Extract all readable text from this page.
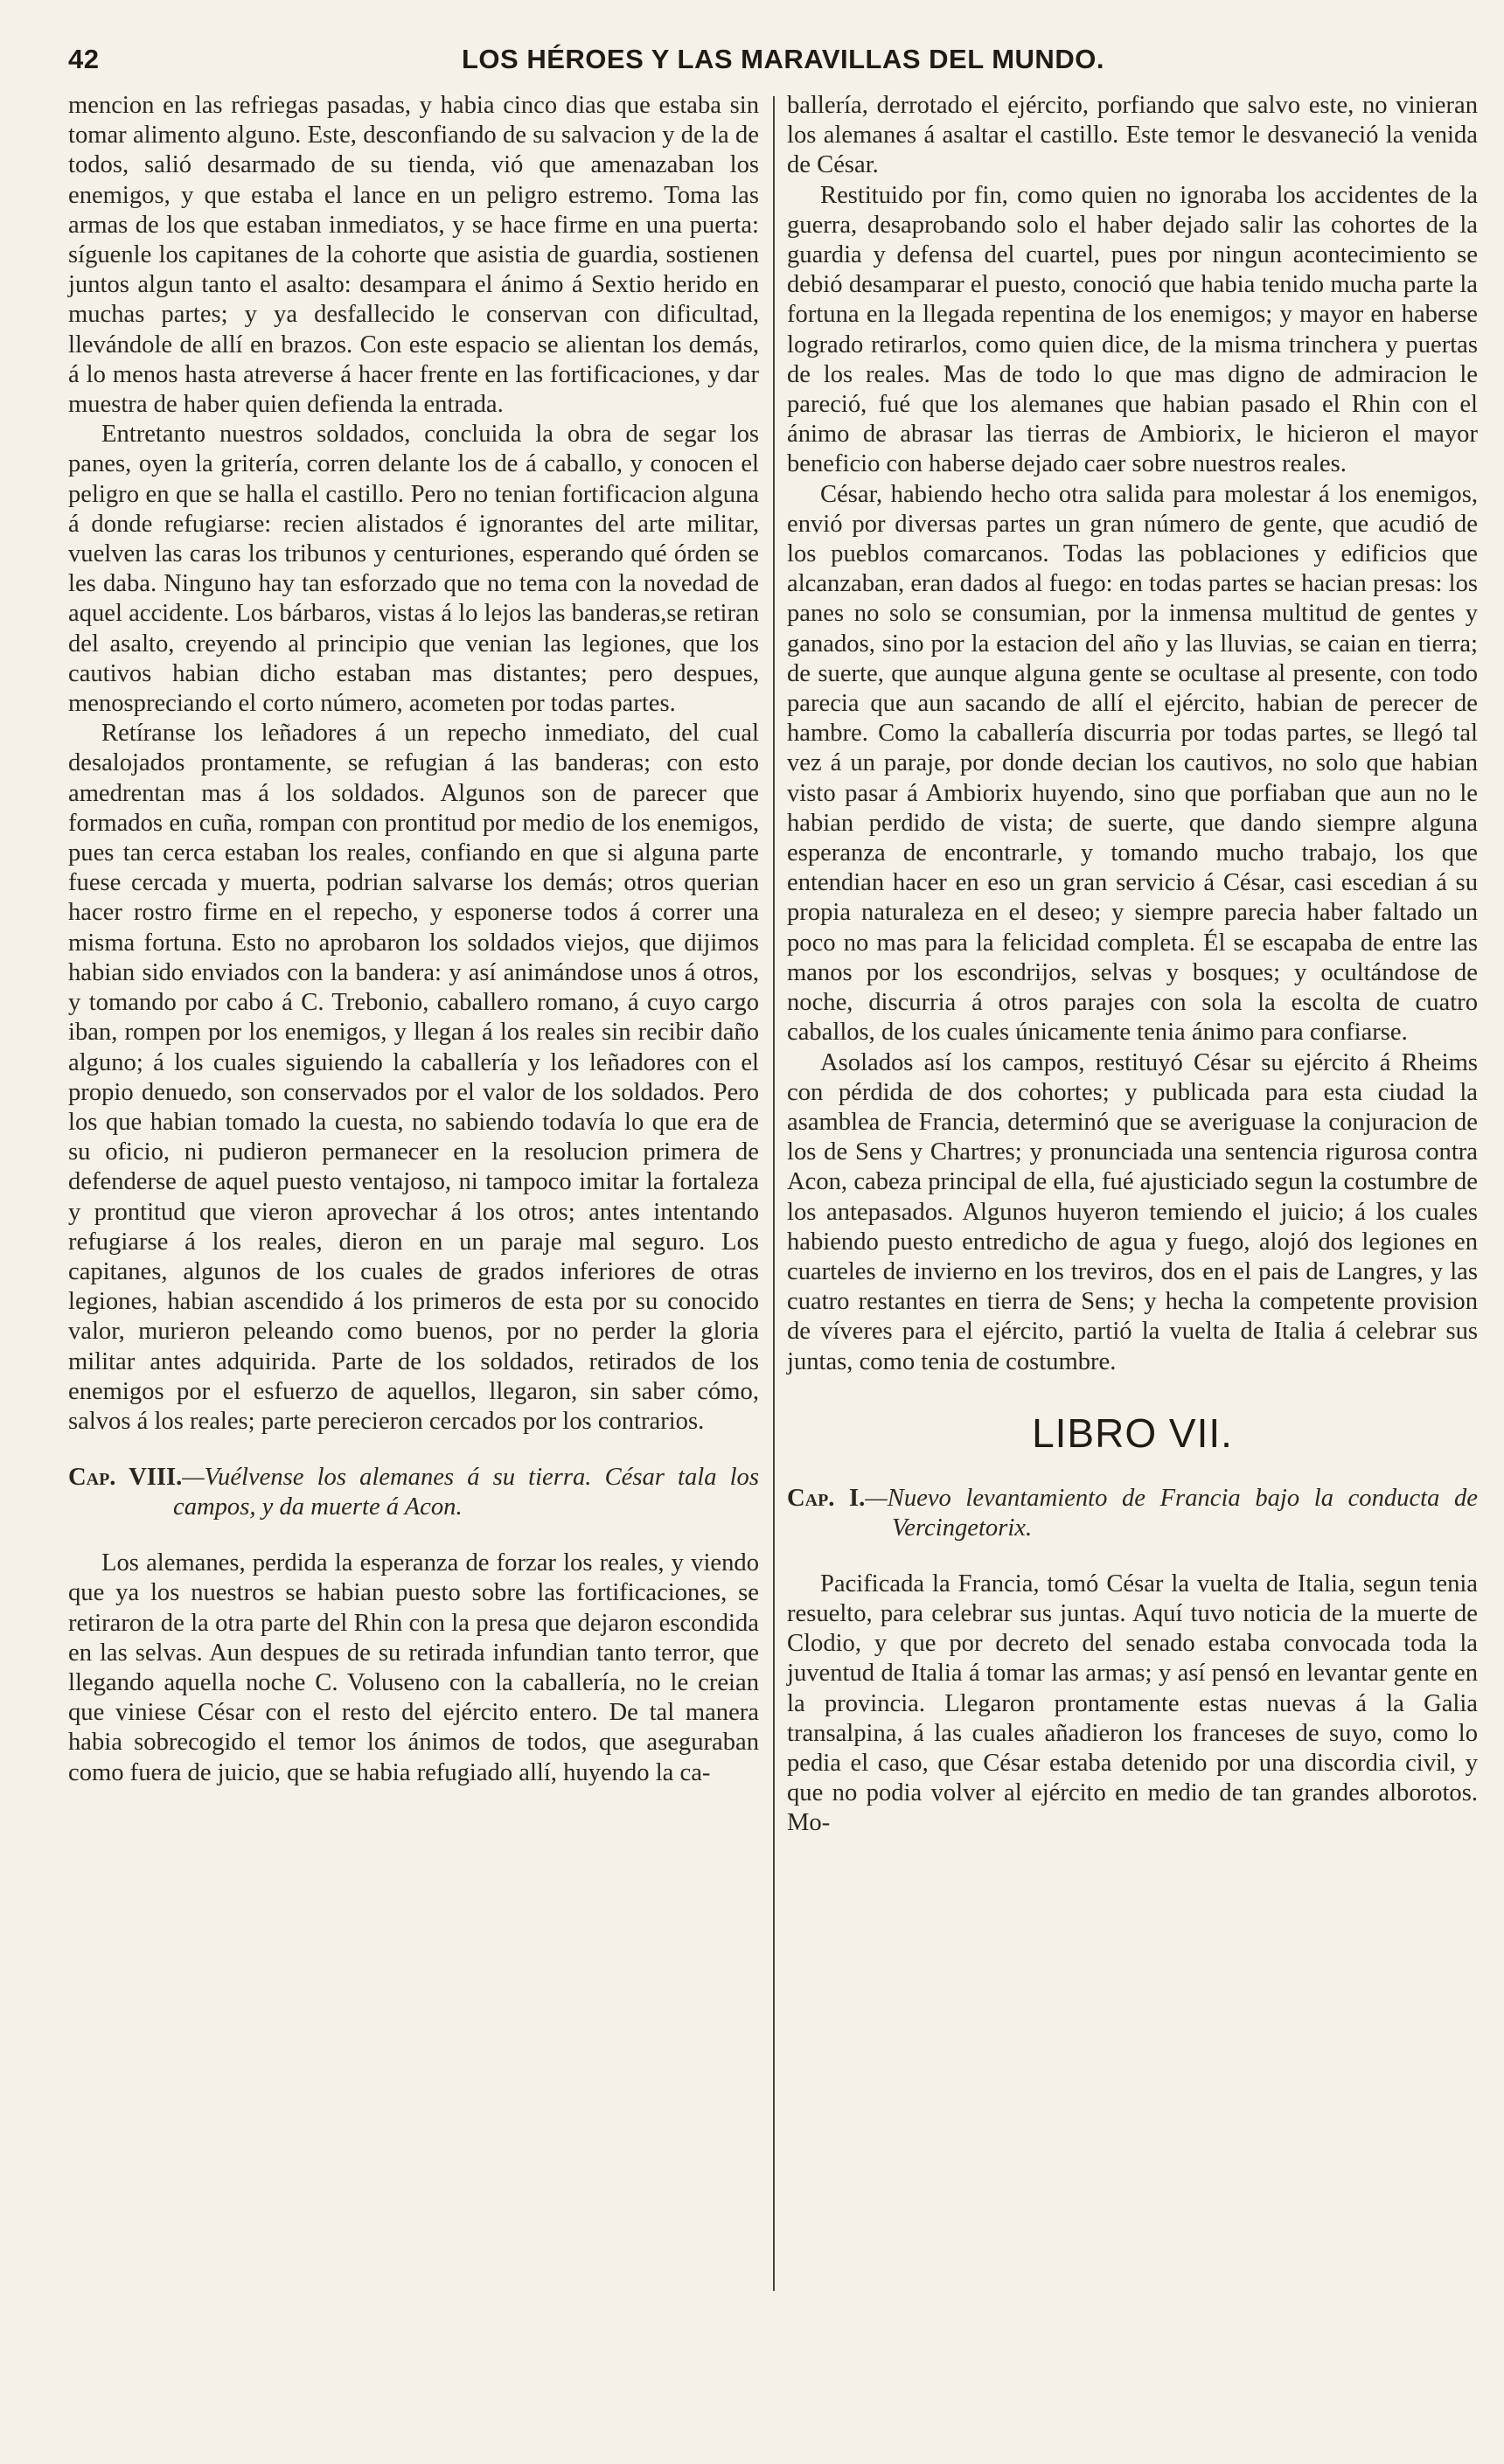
42	LOS HÉROES Y LAS MARAVILLAS DEL MUNDO.

mencion en las refriegas pasadas, y habia cinco dias que estaba sin tomar alimento alguno. Este, desconfiando de su salvacion y de la de todos, salió desarmado de su tienda, vió que amenazaban los enemigos, y que estaba el lance en un peligro estremo. Toma las armas de los que estaban inmediatos, y se hace firme en una puerta: síguenle los capitanes de la cohorte que asistia de guardia, sostienen juntos algun tanto el asalto: desampara el ánimo á Sextio herido en muchas partes; y ya desfallecido le conservan con dificultad, llevándole de allí en brazos. Con este espacio se alientan los demás, á lo menos hasta atreverse á hacer frente en las fortificaciones, y dar muestra de haber quien defienda la entrada.

Entretanto nuestros soldados, concluida la obra de segar los panes, oyen la gritería, corren delante los de á caballo, y conocen el peligro en que se halla el castillo. Pero no tenian fortificacion alguna á donde refugiarse: recien alistados é ignorantes del arte militar, vuelven las caras los tribunos y centuriones, esperando qué órden se les daba. Ninguno hay tan esforzado que no tema con la novedad de aquel accidente. Los bárbaros, vistas á lo lejos las banderas,se retiran del asalto, creyendo al principio que venian las legiones, que los cautivos habian dicho estaban mas distantes; pero despues, menospreciando el corto número, acometen por todas partes.

Retíranse los leñadores á un repecho inmediato, del cual desalojados prontamente, se refugian á las banderas; con esto amedrentan mas á los soldados. Algunos son de parecer que formados en cuña, rompan con prontitud por medio de los enemigos, pues tan cerca estaban los reales, confiando en que si alguna parte fuese cercada y muerta, podrian salvarse los demás; otros querian hacer rostro firme en el repecho, y esponerse todos á correr una misma fortuna. Esto no aprobaron los soldados viejos, que dijimos habian sido enviados con la bandera: y así animándose unos á otros, y tomando por cabo á C. Trebonio, caballero romano, á cuyo cargo iban, rompen por los enemigos, y llegan á los reales sin recibir daño alguno; á los cuales siguiendo la caballería y los leñadores con el propio denuedo, son conservados por el valor de los soldados. Pero los que habian tomado la cuesta, no sabiendo todavía lo que era de su oficio, ni pudieron permanecer en la resolucion primera de defenderse de aquel puesto ventajoso, ni tampoco imitar la fortaleza y prontitud que vieron aprovechar á los otros; antes intentando refugiarse á los reales, dieron en un paraje mal seguro. Los capitanes, algunos de los cuales de grados inferiores de otras legiones, habian ascendido á los primeros de esta por su conocido valor, murieron peleando como buenos, por no perder la gloria militar antes adquirida. Parte de los soldados, retirados de los enemigos por el esfuerzo de aquellos, llegaron, sin saber cómo, salvos á los reales; parte perecieron cercados por los contrarios.

Cap. VIII.—Vuélvense los alemanes á su tierra. César tala los campos, y da muerte á Acon.

Los alemanes, perdida la esperanza de forzar los reales, y viendo que ya los nuestros se habian puesto sobre las fortificaciones, se retiraron de la otra parte del Rhin con la presa que dejaron escondida en las selvas. Aun despues de su retirada infundian tanto terror, que llegando aquella noche C. Voluseno con la caballería, no le creian que viniese César con el resto del ejército entero. De tal manera habia sobrecogido el temor los ánimos de todos, que aseguraban como fuera de juicio, que se habia refugiado allí, huyendo la ca-

ballería, derrotado el ejército, porfiando que salvo este, no vinieran los alemanes á asaltar el castillo. Este temor le desvaneció la venida de César.

Restituido por fin, como quien no ignoraba los accidentes de la guerra, desaprobando solo el haber dejado salir las cohortes de la guardia y defensa del cuartel, pues por ningun acontecimiento se debió desamparar el puesto, conoció que habia tenido mucha parte la fortuna en la llegada repentina de los enemigos; y mayor en haberse logrado retirarlos, como quien dice, de la misma trinchera y puertas de los reales. Mas de todo lo que mas digno de admiracion le pareció, fué que los alemanes que habian pasado el Rhin con el ánimo de abrasar las tierras de Ambiorix, le hicieron el mayor beneficio con haberse dejado caer sobre nuestros reales.

César, habiendo hecho otra salida para molestar á los enemigos, envió por diversas partes un gran número de gente, que acudió de los pueblos comarcanos. Todas las poblaciones y edificios que alcanzaban, eran dados al fuego: en todas partes se hacian presas: los panes no solo se consumian, por la inmensa multitud de gentes y ganados, sino por la estacion del año y las lluvias, se caian en tierra; de suerte, que aunque alguna gente se ocultase al presente, con todo parecia que aun sacando de allí el ejército, habian de perecer de hambre. Como la caballería discurria por todas partes, se llegó tal vez á un paraje, por donde decian los cautivos, no solo que habian visto pasar á Ambiorix huyendo, sino que porfiaban que aun no le habian perdido de vista; de suerte, que dando siempre alguna esperanza de encontrarle, y tomando mucho trabajo, los que entendian hacer en eso un gran servicio á César, casi escedian á su propia naturaleza en el deseo; y siempre parecia haber faltado un poco no mas para la felicidad completa. Él se escapaba de entre las manos por los escondrijos, selvas y bosques; y ocultándose de noche, discurria á otros parajes con sola la escolta de cuatro caballos, de los cuales únicamente tenia ánimo para confiarse.

Asolados así los campos, restituyó César su ejército á Rheims con pérdida de dos cohortes; y publicada para esta ciudad la asamblea de Francia, determinó que se averiguase la conjuracion de los de Sens y Chartres; y pronunciada una sentencia rigurosa contra Acon, cabeza principal de ella, fué ajusticiado segun la costumbre de los antepasados. Algunos huyeron temiendo el juicio; á los cuales habiendo puesto entredicho de agua y fuego, alojó dos legiones en cuarteles de invierno en los treviros, dos en el pais de Langres, y las cuatro restantes en tierra de Sens; y hecha la competente provision de víveres para el ejército, partió la vuelta de Italia á celebrar sus juntas, como tenia de costumbre.

LIBRO VII.
Cap. I.—Nuevo levantamiento de Francia bajo la conducta de Vercingetorix.

Pacificada la Francia, tomó César la vuelta de Italia, segun tenia resuelto, para celebrar sus juntas. Aquí tuvo noticia de la muerte de Clodio, y que por decreto del senado estaba convocada toda la juventud de Italia á tomar las armas; y así pensó en levantar gente en la provincia. Llegaron prontamente estas nuevas á la Galia transalpina, á las cuales añadieron los franceses de suyo, como lo pedia el caso, que César estaba detenido por una discordia civil, y que no podia volver al ejército en medio de tan grandes alborotos. Mo-
